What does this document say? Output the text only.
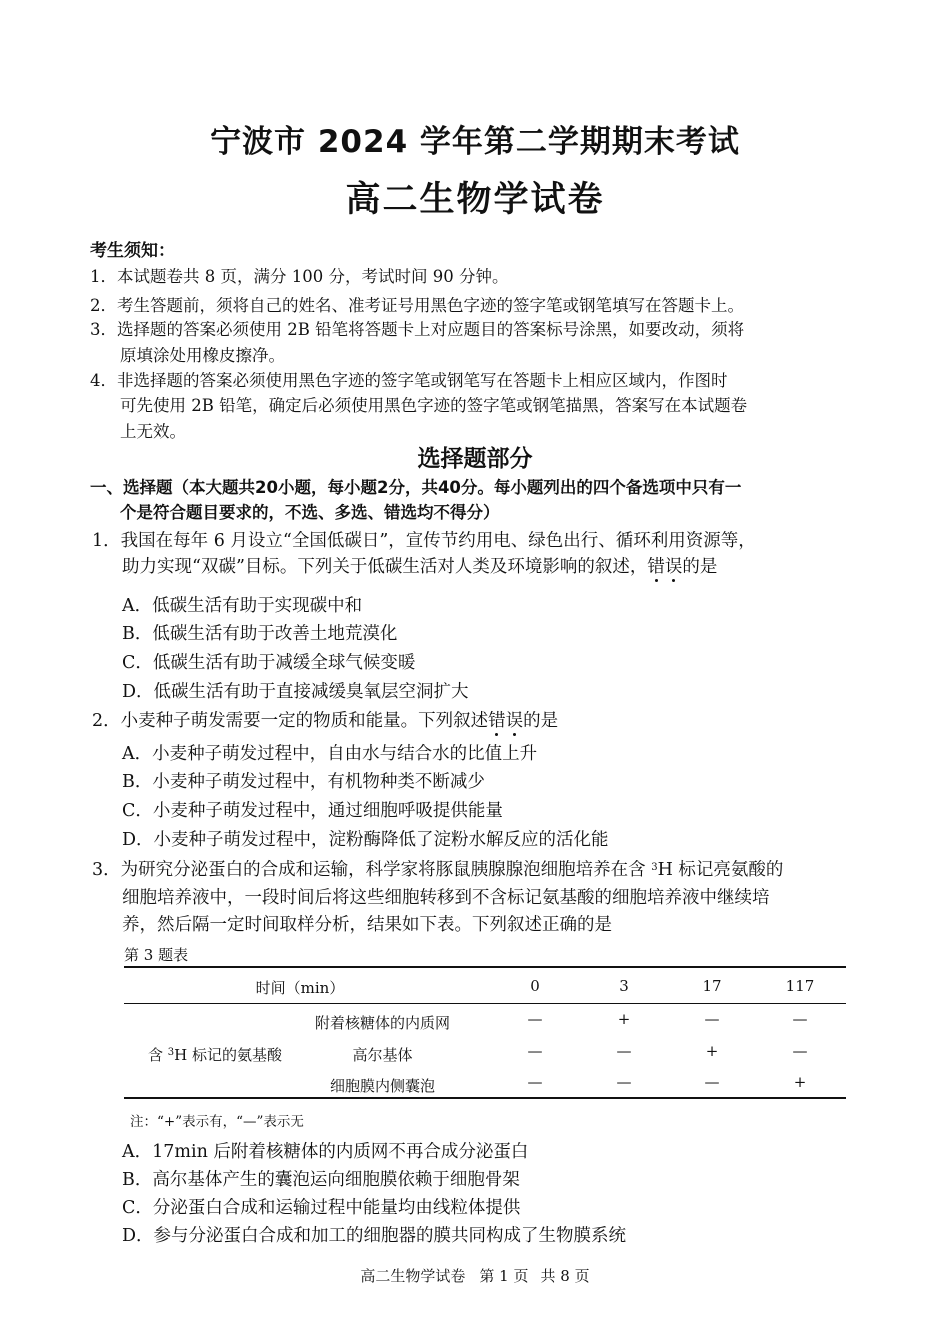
宁波市 2024 学年第二学期期末考试
高二生物学试卷
考生须知：
1．本试题卷共 8 页，满分 100 分，考试时间 90 分钟。
2．考生答题前，须将自己的姓名、准考证号用黑色字迹的签字笔或钢笔填写在答题卡上。
3．选择题的答案必须使用 2B 铅笔将答题卡上对应题目的答案标号涂黑，如要改动，须将
原填涂处用橡皮擦净。
4．非选择题的答案必须使用黑色字迹的签字笔或钢笔写在答题卡上相应区域内，作图时
可先使用 2B 铅笔，确定后必须使用黑色字迹的签字笔或钢笔描黑，答案写在本试题卷
上无效。
选择题部分
一、选择题（本大题共20小题，每小题2分，共40分。每小题列出的四个备选项中只有一
个是符合题目要求的，不选、多选、错选均不得分）
1．我国在每年 6 月设立“全国低碳日”，宣传节约用电、绿色出行、循环利用资源等，
助力实现“双碳”目标。下列关于低碳生活对人类及环境影响的叙述，错误的是
A．低碳生活有助于实现碳中和
B．低碳生活有助于改善土地荒漠化
C．低碳生活有助于减缓全球气候变暖
D．低碳生活有助于直接减缓臭氧层空洞扩大
2．小麦种子萌发需要一定的物质和能量。下列叙述错误的是
A．小麦种子萌发过程中，自由水与结合水的比值上升
B．小麦种子萌发过程中，有机物种类不断减少
C．小麦种子萌发过程中，通过细胞呼吸提供能量
D．小麦种子萌发过程中，淀粉酶降低了淀粉水解反应的活化能
3．为研究分泌蛋白的合成和运输，科学家将豚鼠胰腺腺泡细胞培养在含 $^3$H 标记亮氨酸的
细胞培养液中，一段时间后将这些细胞转移到不含标记氨基酸的细胞培养液中继续培
养，然后隔一定时间取样分析，结果如下表。下列叙述正确的是
第 3 题表
时间（min）	0	3	17	117
含 $^3$H 标记的氨基酸
附着核糖体的内质网	—	+	—	—
高尔基体	—	—	+	—
细胞膜内侧囊泡	—	—	—	+
注：“+”表示有，“—”表示无
A．17min 后附着核糖体的内质网不再合成分泌蛋白
B．高尔基体产生的囊泡运向细胞膜依赖于细胞骨架
C．分泌蛋白合成和运输过程中能量均由线粒体提供
D．参与分泌蛋白合成和加工的细胞器的膜共同构成了生物膜系统
高二生物学试卷 第 1 页 共 8 页
